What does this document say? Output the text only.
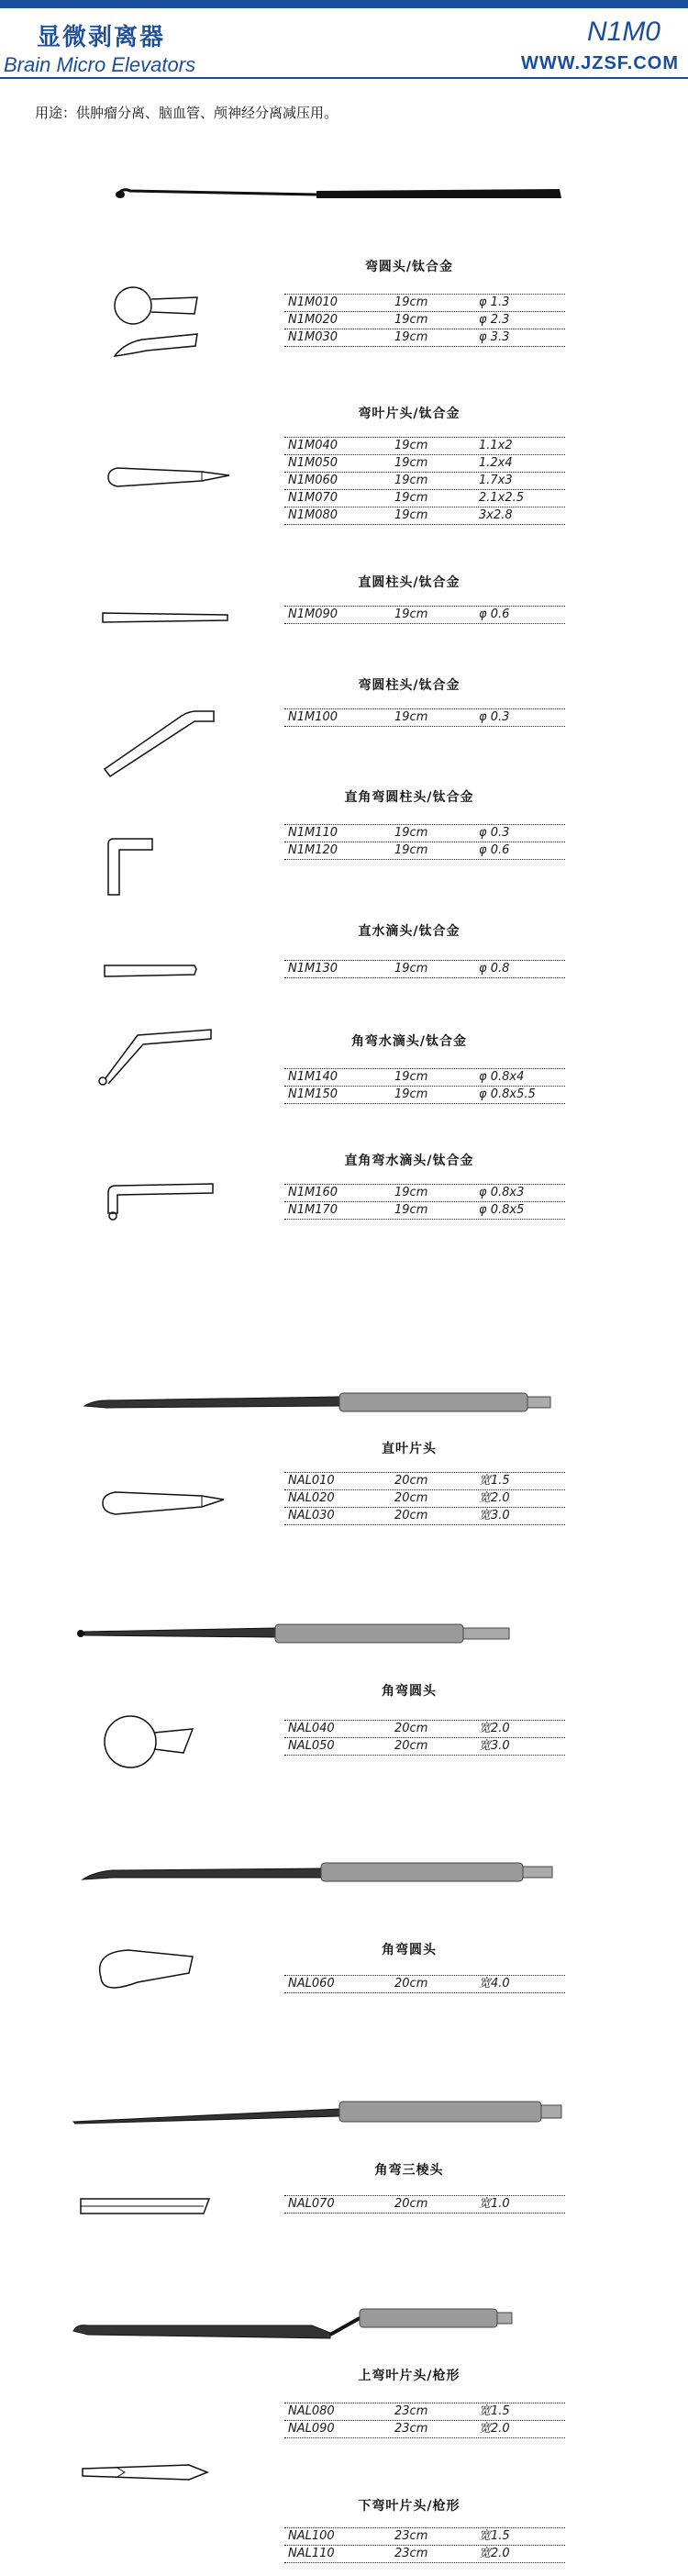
显微剥离器
Brain Micro Elevators
N1M0
WWW.JZSF.COM
用途：供肿瘤分离、脑血管、颅神经分离减压用。
弯圆头/钛合金
N1M010	19cm	φ 1.3
N1M020	19cm	φ 2.3
N1M030	19cm	φ 3.3
弯叶片头/钛合金
N1M040	19cm	1.1x2
N1M050	19cm	1.2x4
N1M060	19cm	1.7x3
N1M070	19cm	2.1x2.5
N1M080	19cm	3x2.8
直圆柱头/钛合金
N1M090	19cm	φ 0.6
弯圆柱头/钛合金
N1M100	19cm	φ 0.3
直角弯圆柱头/钛合金
N1M110	19cm	φ 0.3
N1M120	19cm	φ 0.6
直水滴头/钛合金
N1M130	19cm	φ 0.8
角弯水滴头/钛合金
N1M140	19cm	φ 0.8x4
N1M150	19cm	φ 0.8x5.5
直角弯水滴头/钛合金
N1M160	19cm	φ 0.8x3
N1M170	19cm	φ 0.8x5
直叶片头
NAL010	20cm	宽1.5
NAL020	20cm	宽2.0
NAL030	20cm	宽3.0
角弯圆头
NAL040	20cm	宽2.0
NAL050	20cm	宽3.0
角弯圆头
NAL060	20cm	宽4.0
角弯三棱头
NAL070	20cm	宽1.0
上弯叶片头/枪形
NAL080	23cm	宽1.5
NAL090	23cm	宽2.0
下弯叶片头/枪形
NAL100	23cm	宽1.5
NAL110	23cm	宽2.0
